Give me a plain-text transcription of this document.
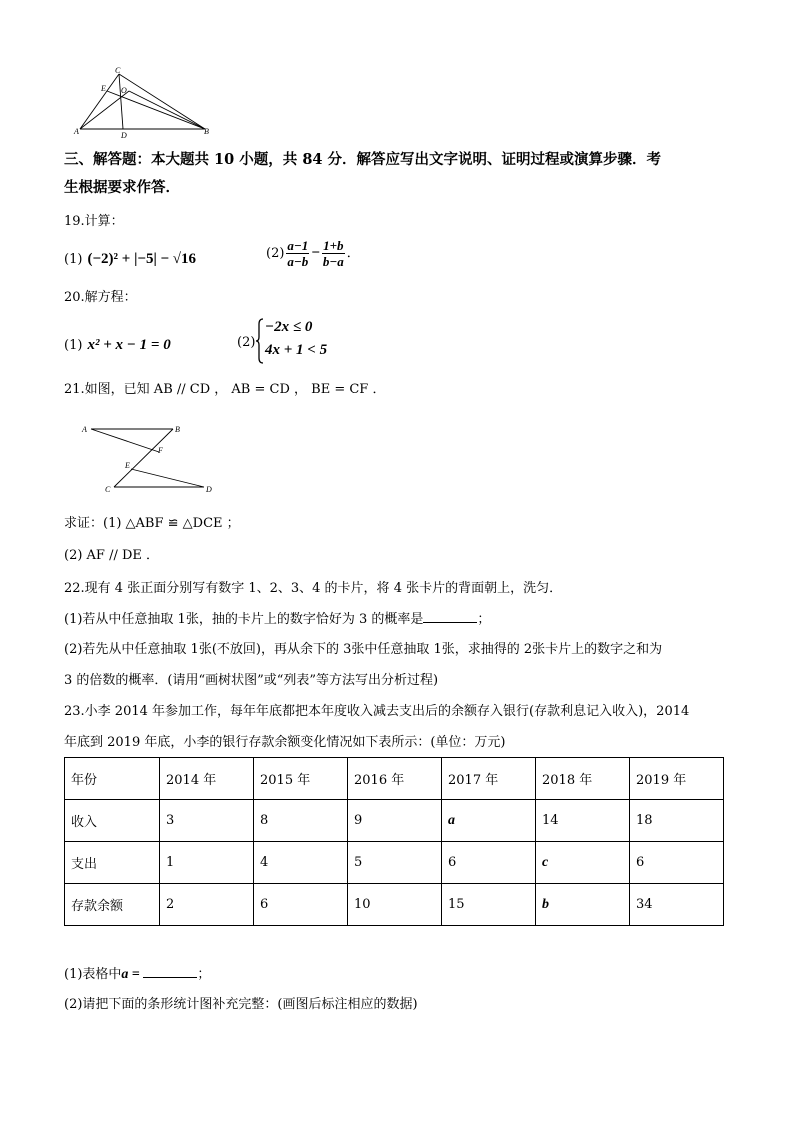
C
E O
A	D	B
三、解答题：本大题共 10 小题，共 84 分．解答应写出文字说明、证明过程或演算步骤．考
生根据要求作答．
19.计算：
(1) (−2)² + |−5| − √16	$(2) \frac{a-1}{a-b} - \frac{1+b}{b-a}$ ．
20.解方程：
(1) x² + x − 1 = 0	(2)
−2x ≤ 0
4x + 1 < 5
21.如图，已知 AB // CD ， AB = CD ， BE = CF ．
A	B
F
E
C	D
求证：(1) △ABF ≌ △DCE ；
(2) AF // DE ．
22.现有 4 张正面分别写有数字 1、2、3、4 的卡片，将 4 张卡片的背面朝上，洗匀．
(1)若从中任意抽取 1张，抽的卡片上的数字恰好为 3 的概率是	；
(2)若先从中任意抽取 1张(不放回)，再从余下的 3张中任意抽取 1张，求抽得的 2张卡片上的数字之和为
3 的倍数的概率．(请用“画树状图”或“列表”等方法写出分析过程)
23.小李 2014 年参加工作，每年年底都把本年度收入减去支出后的余额存入银行(存款利息记入收入)，2014
年底到 2019 年底，小李的银行存款余额变化情况如下表所示：(单位：万元)
年份	2014 年	2015 年	2016 年	2017 年	2018 年	2019 年
收入	3	8	9	a	14	18
支出	1	4	5	6	c	6
存款余额	2	6	10	15	b	34
(1)表格中a =	；
(2)请把下面的条形统计图补充完整：(画图后标注相应的数据)
